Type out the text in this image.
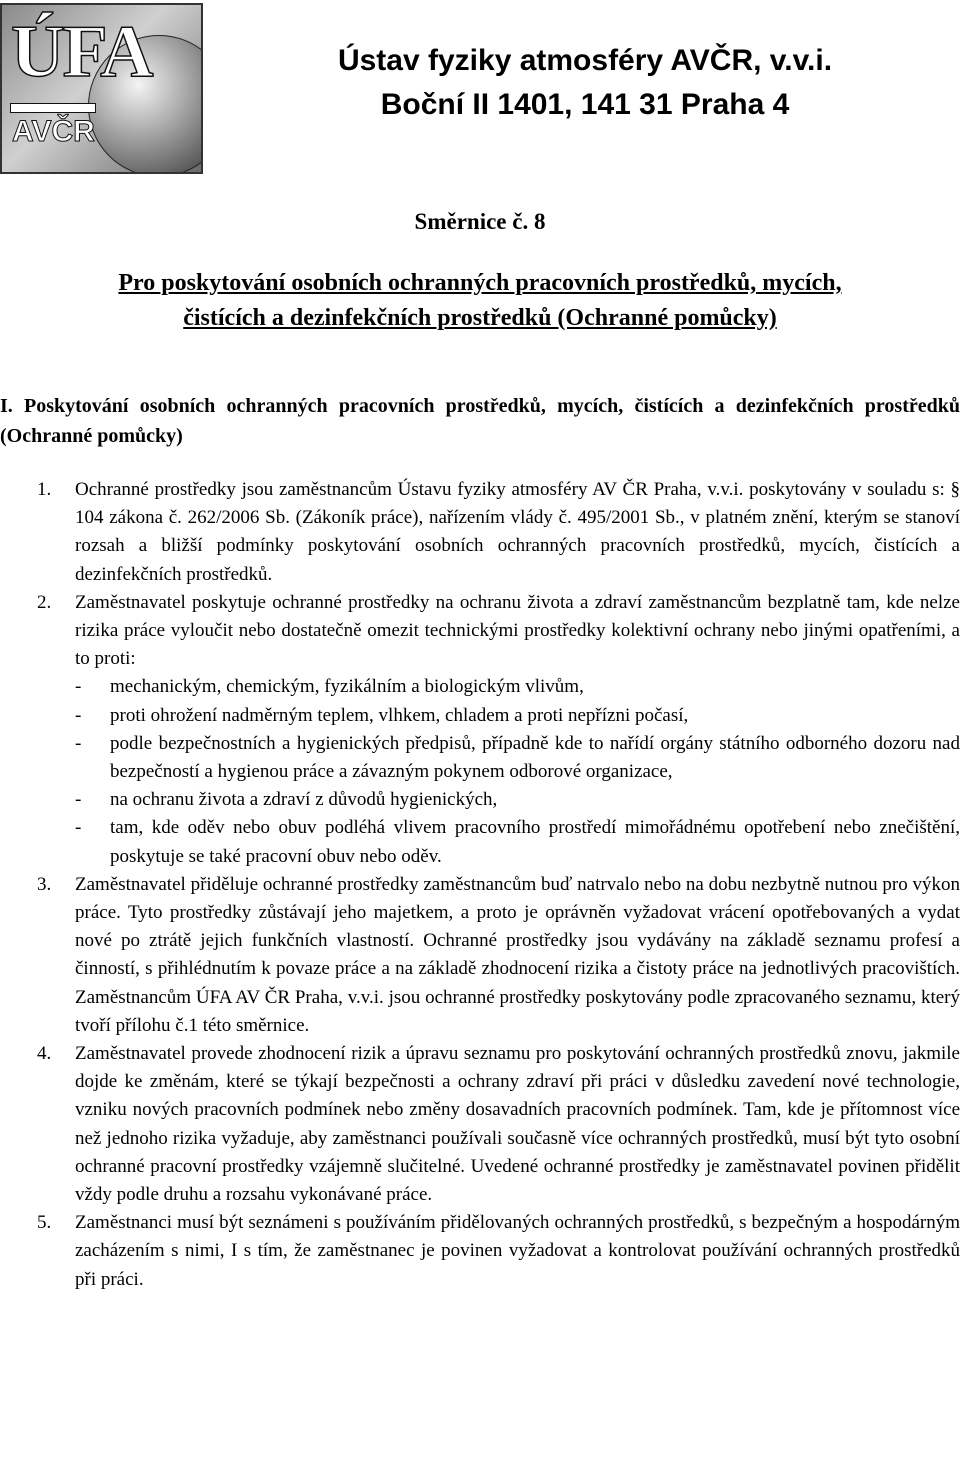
ÚFA
AVČR
Ústav fyziky atmosféry AVČR, v.v.i.
Boční II 1401, 141 31 Praha 4
Směrnice č. 8
Pro poskytování osobních ochranných pracovních prostředků, mycích,
čistících a dezinfekčních prostředků (Ochranné pomůcky)
I. Poskytování osobních ochranných pracovních prostředků, mycích, čistících a dezinfekčních prostředků (Ochranné pomůcky)
1. Ochranné prostředky jsou zaměstnancům Ústavu fyziky atmosféry AV ČR Praha, v.v.i. poskytovány v souladu s: § 104 zákona č. 262/2006 Sb. (Zákoník práce), nařízením vlády č. 495/2001 Sb., v platném znění, kterým se stanoví rozsah a bližší podmínky poskytování osobních ochranných pracovních prostředků, mycích, čistících a dezinfekčních prostředků.

2. Zaměstnavatel poskytuje ochranné prostředky na ochranu života a zdraví zaměstnancům bezplatně tam, kde nelze rizika práce vyloučit nebo dostatečně omezit technickými prostředky kolektivní ochrany nebo jinými opatřeními, a to proti:

- mechanickým, chemickým, fyzikálním a biologickým vlivům,
- proti ohrožení nadměrným teplem, vlhkem, chladem a proti nepřízni počasí,
- podle bezpečnostních a hygienických předpisů, případně kde to nařídí orgány státního odborného dozoru nad bezpečností a hygienou práce a závazným pokynem odborové organizace,
- na ochranu života a zdraví z důvodů hygienických,
- tam, kde oděv nebo obuv podléhá vlivem pracovního prostředí mimořádnému opotřebení nebo znečištění, poskytuje se také pracovní obuv nebo oděv.
3. Zaměstnavatel přiděluje ochranné prostředky zaměstnancům buď natrvalo nebo na dobu nezbytně nutnou pro výkon práce. Tyto prostředky zůstávají jeho majetkem, a proto je oprávněn vyžadovat vrácení opotřebovaných a vydat nové po ztrátě jejich funkčních vlastností. Ochranné prostředky jsou vydávány na základě seznamu profesí a činností, s přihlédnutím k povaze práce a na základě zhodnocení rizika a čistoty práce na jednotlivých pracovištích. Zaměstnancům ÚFA AV ČR Praha, v.v.i. jsou ochranné prostředky poskytovány podle zpracovaného seznamu, který tvoří přílohu č.1 této směrnice.

4. Zaměstnavatel provede zhodnocení rizik a úpravu seznamu pro poskytování ochranných prostředků znovu, jakmile dojde ke změnám, které se týkají bezpečnosti a ochrany zdraví při práci v důsledku zavedení nové technologie, vzniku nových pracovních podmínek nebo změny dosavadních pracovních podmínek. Tam, kde je přítomnost více než jednoho rizika vyžaduje, aby zaměstnanci používali současně více ochranných prostředků, musí být tyto osobní ochranné pracovní prostředky vzájemně slučitelné. Uvedené ochranné prostředky je zaměstnavatel povinen přidělit vždy podle druhu a rozsahu vykonávané práce.

5. Zaměstnanci musí být seznámeni s používáním přidělovaných ochranných prostředků, s bezpečným a hospodárným zacházením s nimi, I s tím, že zaměstnanec je povinen vyžadovat a kontrolovat používání ochranných prostředků při práci.
